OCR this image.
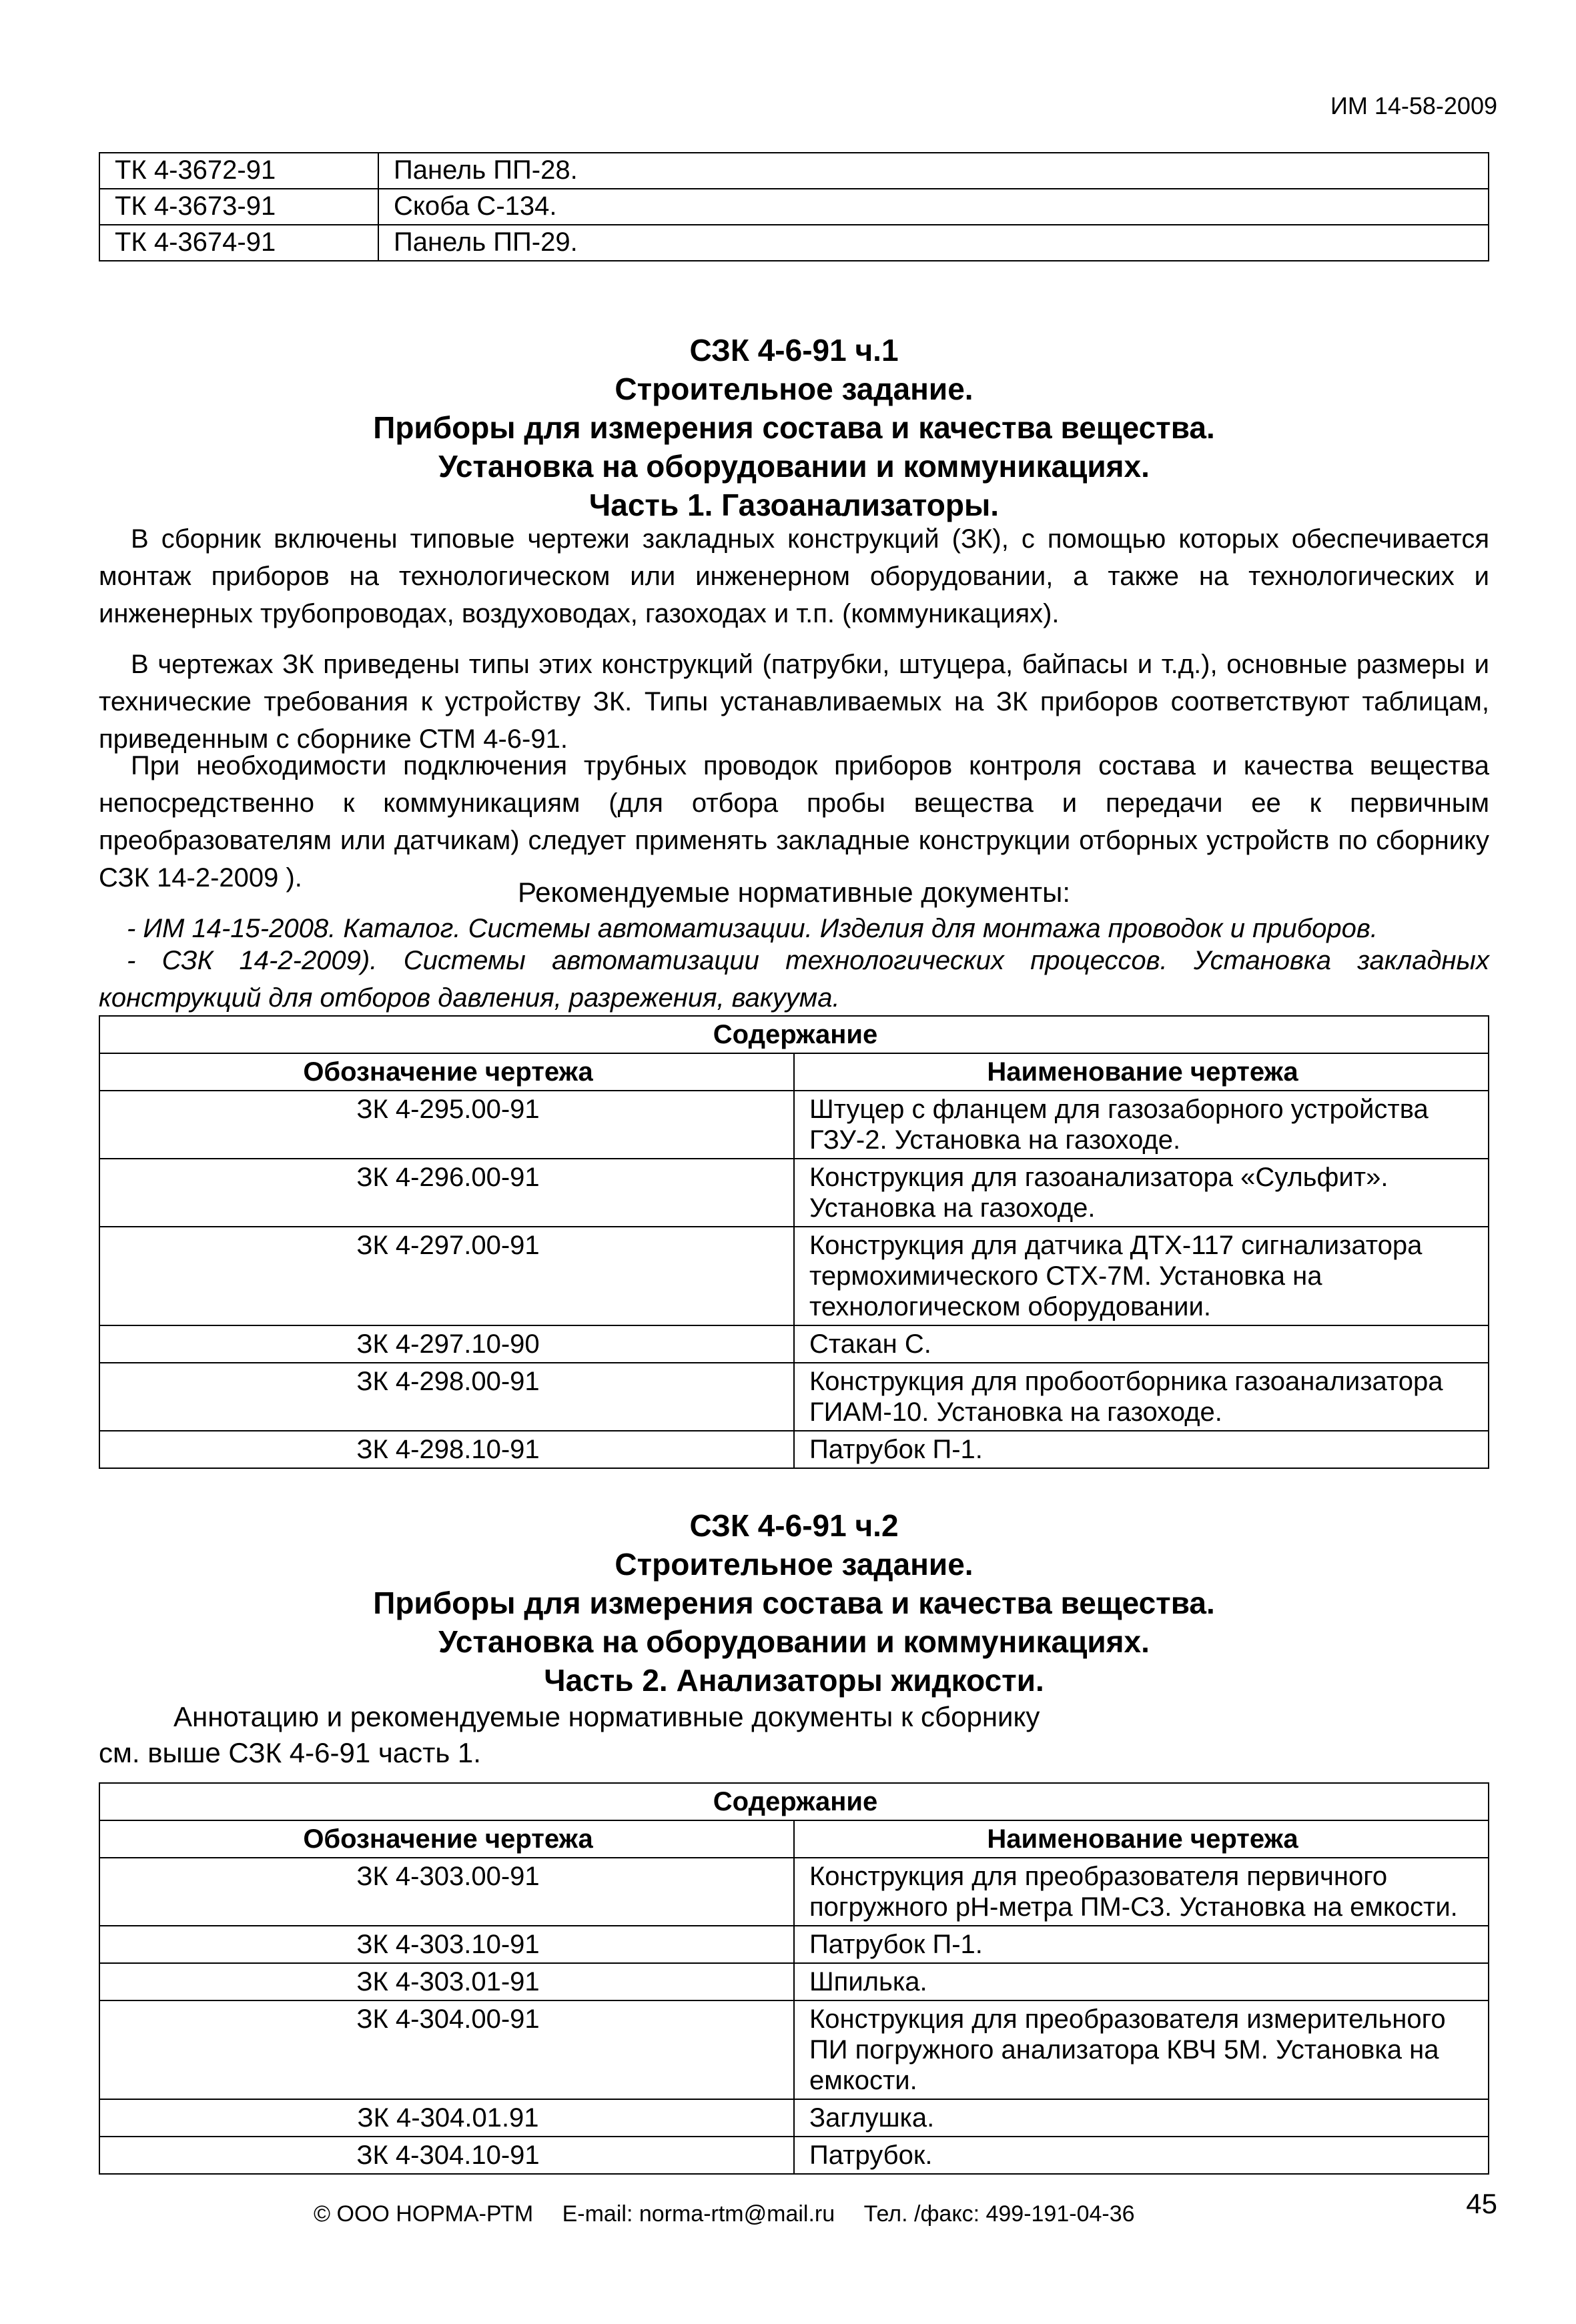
ИМ 14-58-2009
ТК 4-3672-91	Панель ПП-28.
ТК 4-3673-91	Скоба С-134.
ТК 4-3674-91	Панель ПП-29.
СЗК 4-6-91 ч.1
Строительное задание.
Приборы для измерения состава и качества вещества.
Установка на оборудовании и коммуникациях.
Часть 1. Газоанализаторы.
В сборник включены типовые чертежи закладных конструкций (ЗК), с помощью которых обеспечивается монтаж приборов на технологическом или инженерном оборудовании, а также на технологических и инженерных трубопроводах, воздуховодах, газоходах и т.п. (коммуникациях).
В чертежах ЗК приведены типы этих конструкций (патрубки, штуцера, байпасы и т.д.), основные размеры и технические требования к устройству ЗК. Типы устанавливаемых на ЗК приборов соответствуют таблицам, приведенным с сборнике СТМ 4-6-91.
При необходимости подключения трубных проводок приборов контроля состава и качества вещества непосредственно к коммуникациям (для отбора пробы вещества и передачи ее к первичным преобразователям или датчикам) следует применять закладные конструкции отборных устройств по сборнику СЗК 14-2-2009 ).	Рекомендуемые нормативные документы:
- ИМ 14-15-2008. Каталог. Системы автоматизации. Изделия для монтажа проводок и приборов.
- СЗК 14-2-2009). Системы автоматизации технологических процессов. Установка закладных конструкций для отборов давления, разрежения, вакуума.
Содержание	
Обозначение чертежа	Наименование чертежа
ЗК 4-295.00-91	Штуцер с фланцем для газозаборного устройства ГЗУ-2. Установка на газоходе.
ЗК 4-296.00-91	Конструкция для газоанализатора «Сульфит». Установка на газоходе.
ЗК 4-297.00-91	Конструкция для датчика ДТХ-117 сигнализатора термохимического СТХ-7М. Установка на технологическом оборудовании.
ЗК 4-297.10-90	Стакан С.
ЗК 4-298.00-91	Конструкция для пробоотборника газоанализатора ГИАМ-10. Установка на газоходе.
ЗК 4-298.10-91	Патрубок П-1.
СЗК 4-6-91 ч.2
Строительное задание.
Приборы для измерения состава и качества вещества.
Установка на оборудовании и коммуникациях.
Часть 2. Анализаторы жидкости.
Аннотацию и рекомендуемые нормативные документы к сборнику
см. выше СЗК 4-6-91 часть 1.
Содержание	
Обозначение чертежа	Наименование чертежа
ЗК 4-303.00-91	Конструкция для преобразователя первичного погружного pH-метра ПМ-С3. Установка на емкости.
ЗК 4-303.10-91	Патрубок П-1.
ЗК 4-303.01-91	Шпилька.
ЗК 4-304.00-91	Конструкция для преобразователя измерительного ПИ погружного анализатора КВЧ 5М. Установка на емкости.
ЗК 4-304.01.91	Заглушка.
ЗК 4-304.10-91	Патрубок.
© ООО НОРМА-РТМ E-mail: norma-rtm@mail.ru Тел. /факс: 499-191-04-36	45
